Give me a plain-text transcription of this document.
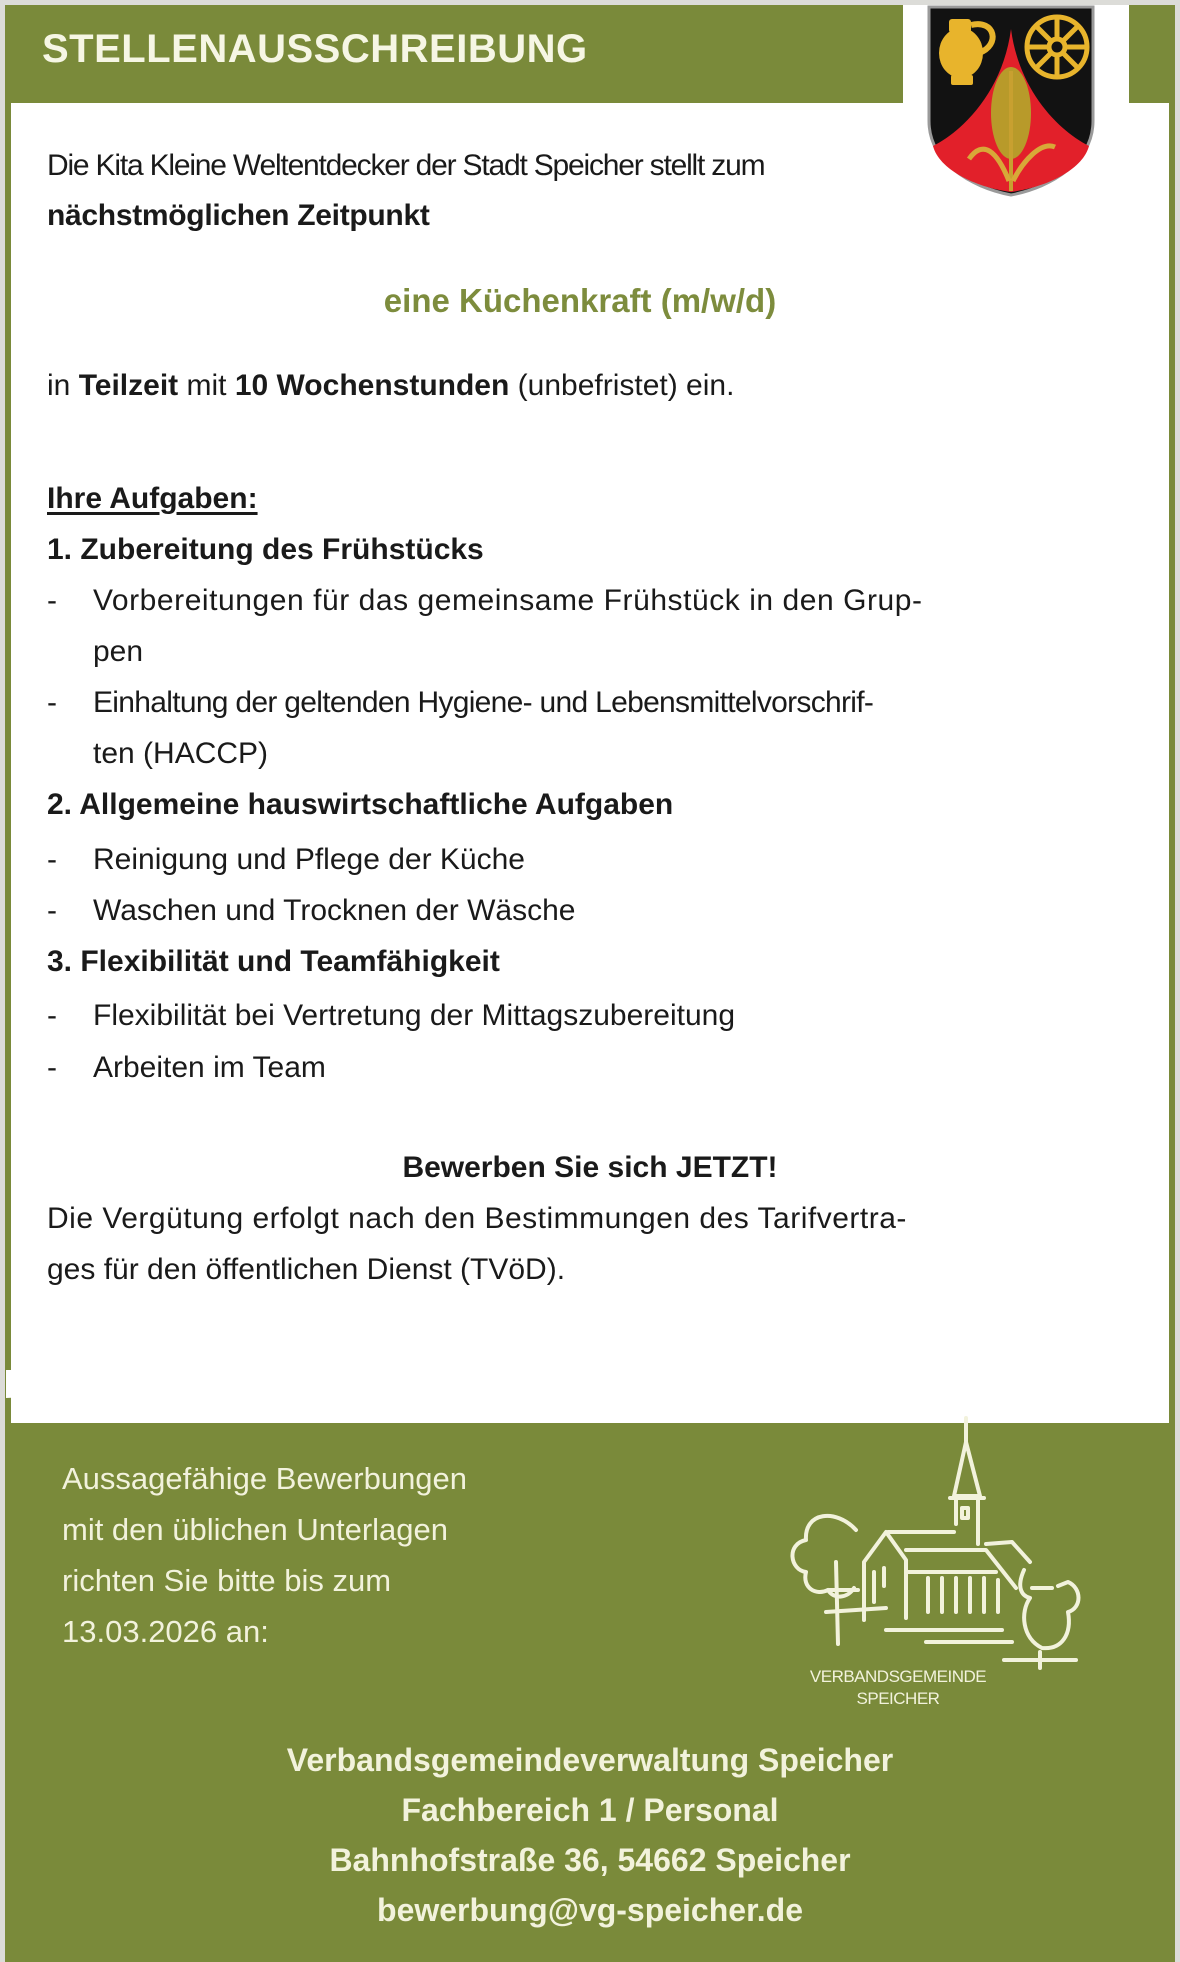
STELLENAUSSCHREIBUNG
Die Kita Kleine Weltentdecker der Stadt Speicher stellt zum
nächstmöglichen Zeitpunkt
eine Küchenkraft (m/w/d)
in Teilzeit mit 10 Wochenstunden (unbefristet) ein.
Ihre Aufgaben:
1. Zubereitung des Frühstücks
- Vorbereitungen für das gemeinsame Frühstück in den Grup-
pen
- Einhaltung der geltenden Hygiene- und Lebensmittelvorschrif-
ten (HACCP)
2. Allgemeine hauswirtschaftliche Aufgaben
- Reinigung und Pflege der Küche
- Waschen und Trocknen der Wäsche
3. Flexibilität und Teamfähigkeit
- Flexibilität bei Vertretung der Mittagszubereitung
- Arbeiten im Team
Bewerben Sie sich JETZT!
Die Vergütung erfolgt nach den Bestimmungen des Tarifvertra-
ges für den öffentlichen Dienst (TVöD).
Aussagefähige Bewerbungen
mit den üblichen Unterlagen
richten Sie bitte bis zum
13.03.2026 an:
VERBANDSGEMEINDE
SPEICHER
Verbandsgemeindeverwaltung Speicher
Fachbereich 1 / Personal
Bahnhofstraße 36, 54662 Speicher
bewerbung@vg-speicher.de
